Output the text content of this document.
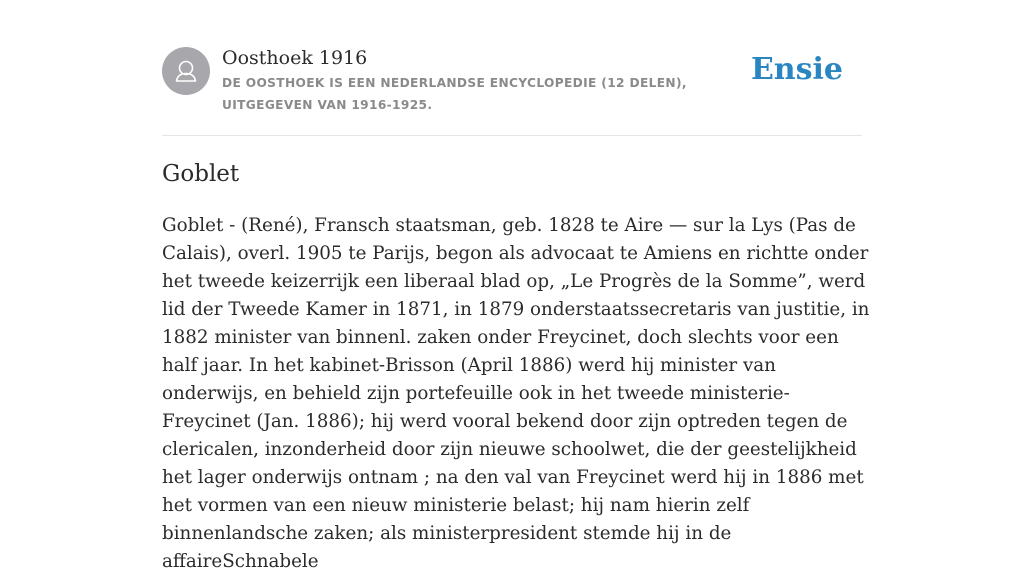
Oosthoek 1916
DE OOSTHOEK IS EEN NEDERLANDSE ENCYCLOPEDIE (12 DELEN), UITGEGEVEN VAN 1916-1925.
Ensie
Goblet

Goblet - (René), Fransch staatsman, geb. 1828 te Aire — sur la Lys (Pas de Calais), overl. 1905 te Parijs, begon als advocaat te Amiens en richtte onder het tweede keizerrijk een liberaal blad op, „Le Progrès de la Somme”, werd lid der Tweede Kamer in 1871, in 1879 onderstaatssecretaris van justitie, in 1882 minister van binnenl. zaken onder Freycinet, doch slechts voor een half jaar. In het kabinet-Brisson (April 1886) werd hij minister van onderwijs, en behield zijn portefeuille ook in het tweede ministerie-Freycinet (Jan. 1886); hij werd vooral bekend door zijn optreden tegen de clericalen, inzonderheid door zijn nieuwe schoolwet, die der geestelijkheid het lager onderwijs ontnam ; na den val van Freycinet werd hij in 1886 met het vormen van een nieuw ministerie belast; hij nam hierin zelf binnenlandsche zaken; als ministerpresident stemde hij in de affaireSchnabele
